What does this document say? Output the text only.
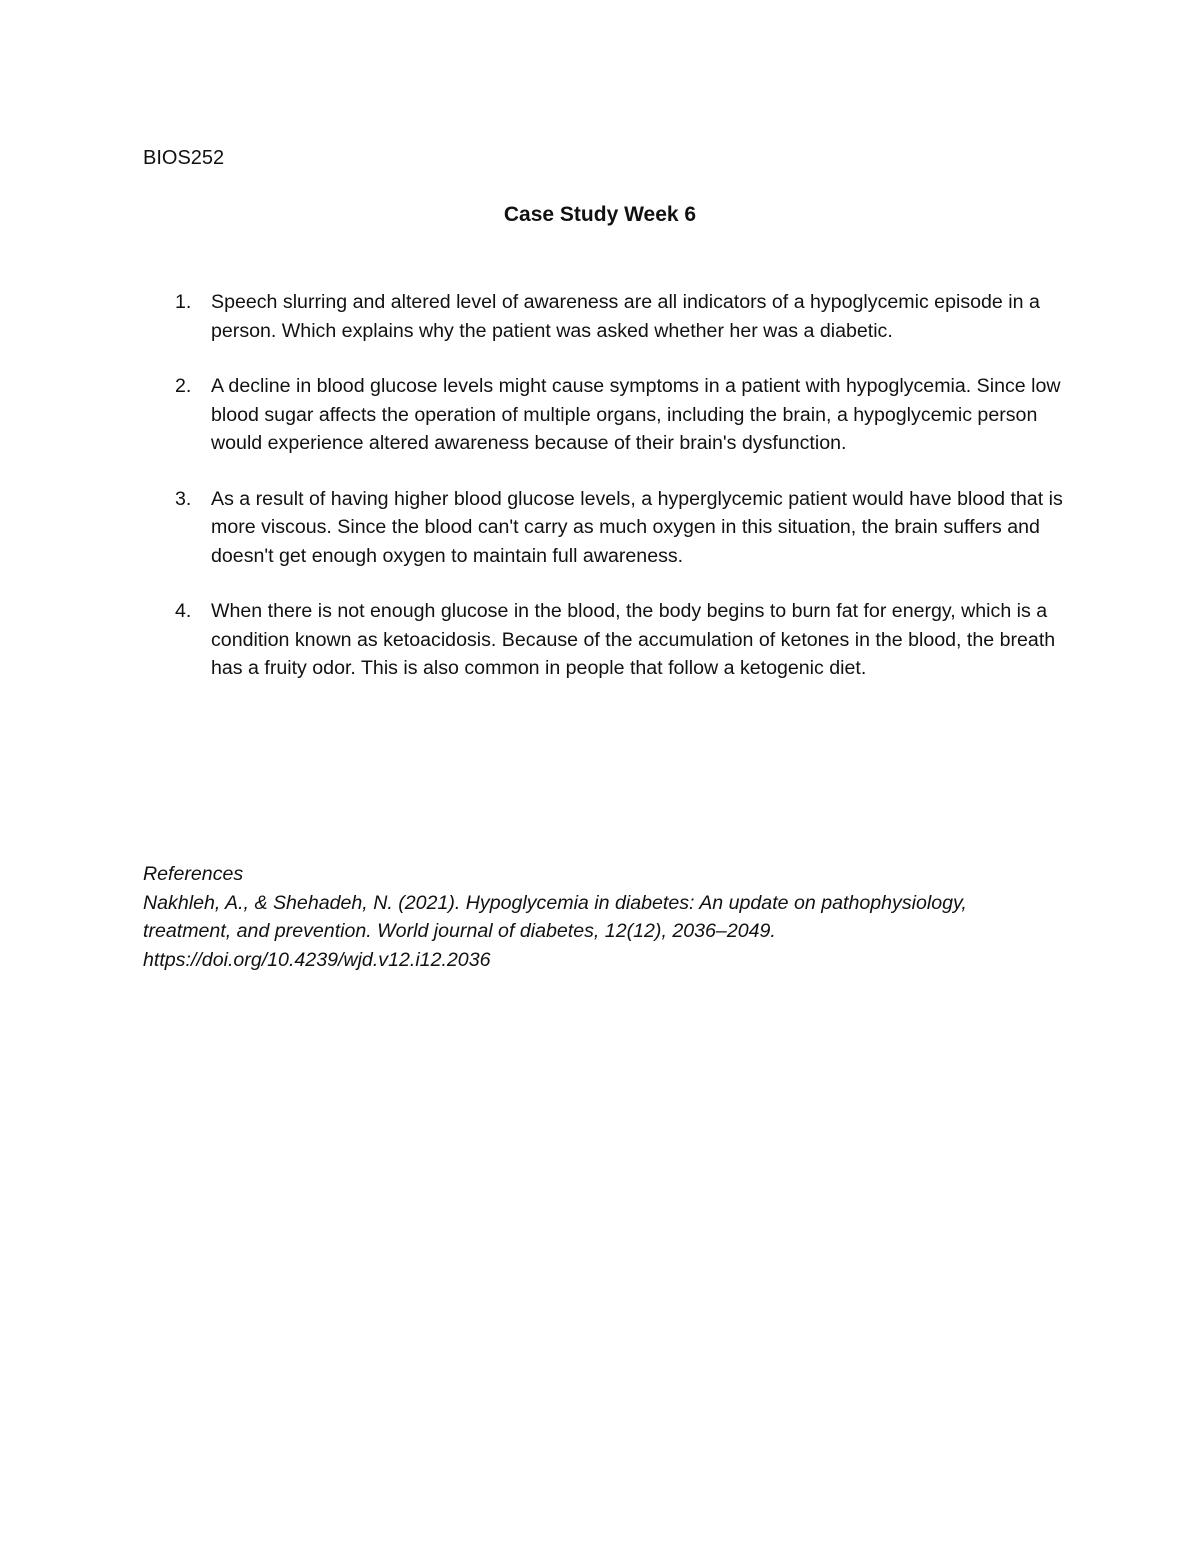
BIOS252
Case Study Week 6
1. Speech slurring and altered level of awareness are all indicators of a hypoglycemic episode in a person. Which explains why the patient was asked whether her was a diabetic.
2. A decline in blood glucose levels might cause symptoms in a patient with hypoglycemia. Since low blood sugar affects the operation of multiple organs, including the brain, a hypoglycemic person would experience altered awareness because of their brain's dysfunction.
3. As a result of having higher blood glucose levels, a hyperglycemic patient would have blood that is more viscous. Since the blood can't carry as much oxygen in this situation, the brain suffers and doesn't get enough oxygen to maintain full awareness.
4. When there is not enough glucose in the blood, the body begins to burn fat for energy, which is a condition known as ketoacidosis. Because of the accumulation of ketones in the blood, the breath has a fruity odor. This is also common in people that follow a ketogenic diet.
References
Nakhleh, A., & Shehadeh, N. (2021). Hypoglycemia in diabetes: An update on pathophysiology,
treatment, and prevention. World journal of diabetes, 12(12), 2036–2049.
https://doi.org/10.4239/wjd.v12.i12.2036
